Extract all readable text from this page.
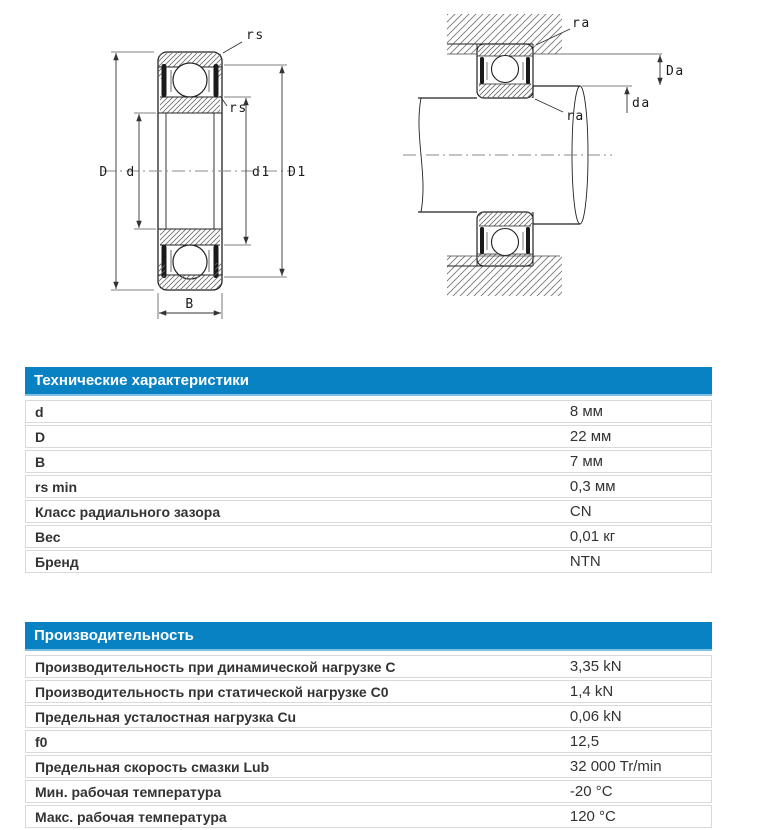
D d	d1 D1
B
rs
rs
ra
Da
da
ra
Технические характеристики
d	8 мм
D	22 мм
B	7 мм
rs min	0,3 мм
Класс радиального зазора	CN
Вес	0,01 кг
Бренд	NTN
Производительность
Производительность при динамической нагрузке C	3,35 kN
Производительность при статической нагрузке C0	1,4 kN
Предельная усталостная нагрузка Cu	0,06 kN
f0	12,5
Предельная скорость смазки Lub	32 000 Tr/min
Мин. рабочая температура	-20 °C
Макс. рабочая температура	120 °C
